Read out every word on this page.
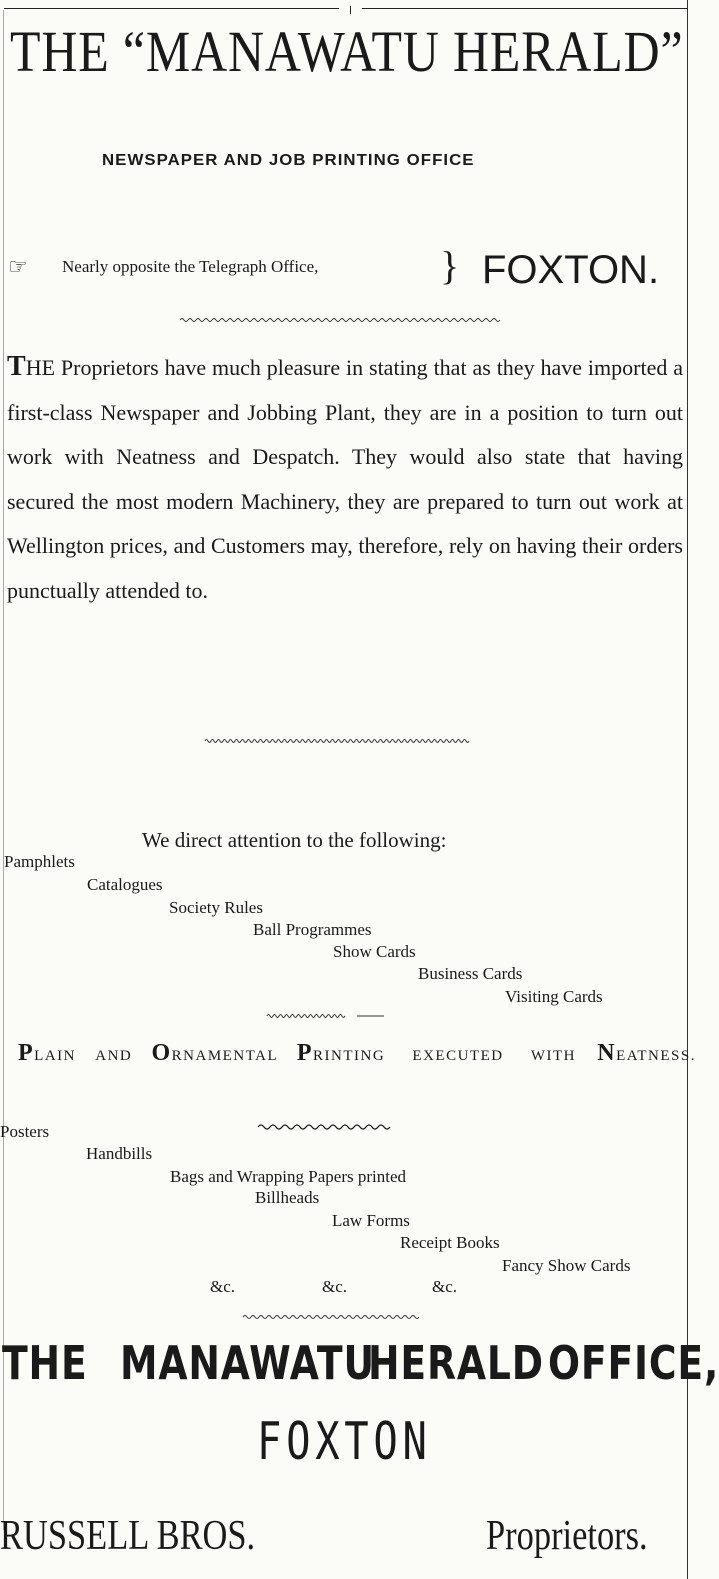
THE “MANAWATU HERALD”
NEWSPAPER AND JOB PRINTING OFFICE
☞ Nearly opposite the Telegraph Office,	} FOXTON.
THE Proprietors have much pleasure in stating that as they have imported a first-class Newspaper and Jobbing Plant, they are in a position to turn out work with Neatness and Despatch. They would also state that having secured the most modern Machinery, they are prepared to turn out work at Wellington prices, and Customers may, therefore, rely on having their orders punctually attended to.
We direct attention to the following:
Pamphlets
Catalogues
Society Rules
Ball Programmes
Show Cards
Business Cards
Visiting Cards
PLAIN AND ORNAMENTAL PRINTING EXECUTED WITH NEATNESS.
Posters
Handbills
Bags and Wrapping Papers printed
Billheads
Law Forms
Receipt Books
Fancy Show Cards
&c.	&c.	&c.
THE MANAWATU
HERALD OFFICE,
FOXTON
RUSSELL BROS.	Proprietors.
